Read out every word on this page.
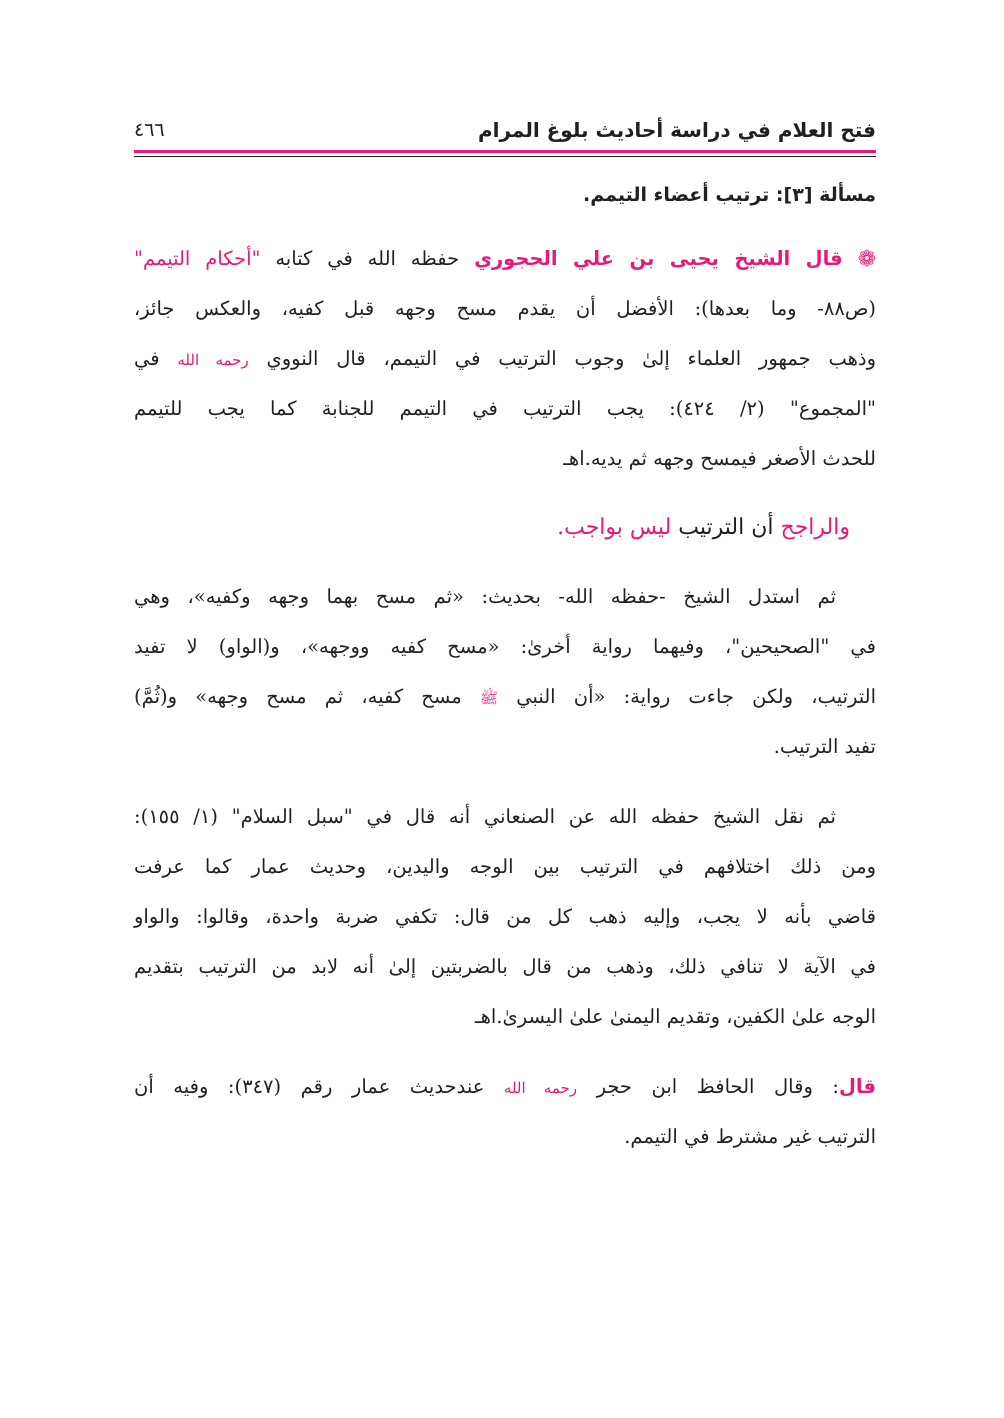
فتح العلام في دراسة أحاديث بلوغ المرام
٤٦٦
مسألة [٣]: ترتيب أعضاء التيمم.
❁ قال الشيخ يحيى بن علي الحجوري حفظه الله في كتابه "أحكام التيمم"
(ص٨٨- وما بعدها): الأفضل أن يقدم مسح وجهه قبل كفيه، والعكس جائز،
وذهب جمهور العلماء إلىٰ وجوب الترتيب في التيمم، قال النووي رحمه الله في
"المجموع" (٢/ ٤٢٤): يجب الترتيب في التيمم للجنابة كما يجب للتيمم
للحدث الأصغر فيمسح وجهه ثم يديه.اهـ
والراجح أن الترتيب ليس بواجب.
ثم استدل الشيخ -حفظه الله- بحديث: «ثم مسح بهما وجهه وكفيه»، وهي
في "الصحيحين"، وفيهما رواية أخرىٰ: «مسح كفيه ووجهه»، و(الواو) لا تفيد
الترتيب، ولكن جاءت رواية: «أن النبي ﷺ مسح كفيه، ثم مسح وجهه» و(ثُمَّ)
تفيد الترتيب.
ثم نقل الشيخ حفظه الله عن الصنعاني أنه قال في "سبل السلام" (١/ ١٥٥):
ومن ذلك اختلافهم في الترتيب بين الوجه واليدين، وحديث عمار كما عرفت
قاضي بأنه لا يجب، وإليه ذهب كل من قال: تكفي ضربة واحدة، وقالوا: والواو
في الآية لا تنافي ذلك، وذهب من قال بالضربتين إلىٰ أنه لابد من الترتيب بتقديم
الوجه علىٰ الكفين، وتقديم اليمنىٰ علىٰ اليسرىٰ.اهـ
قال: وقال الحافظ ابن حجر رحمه الله عندحديث عمار رقم (٣٤٧): وفيه أن
الترتيب غير مشترط في التيمم.
